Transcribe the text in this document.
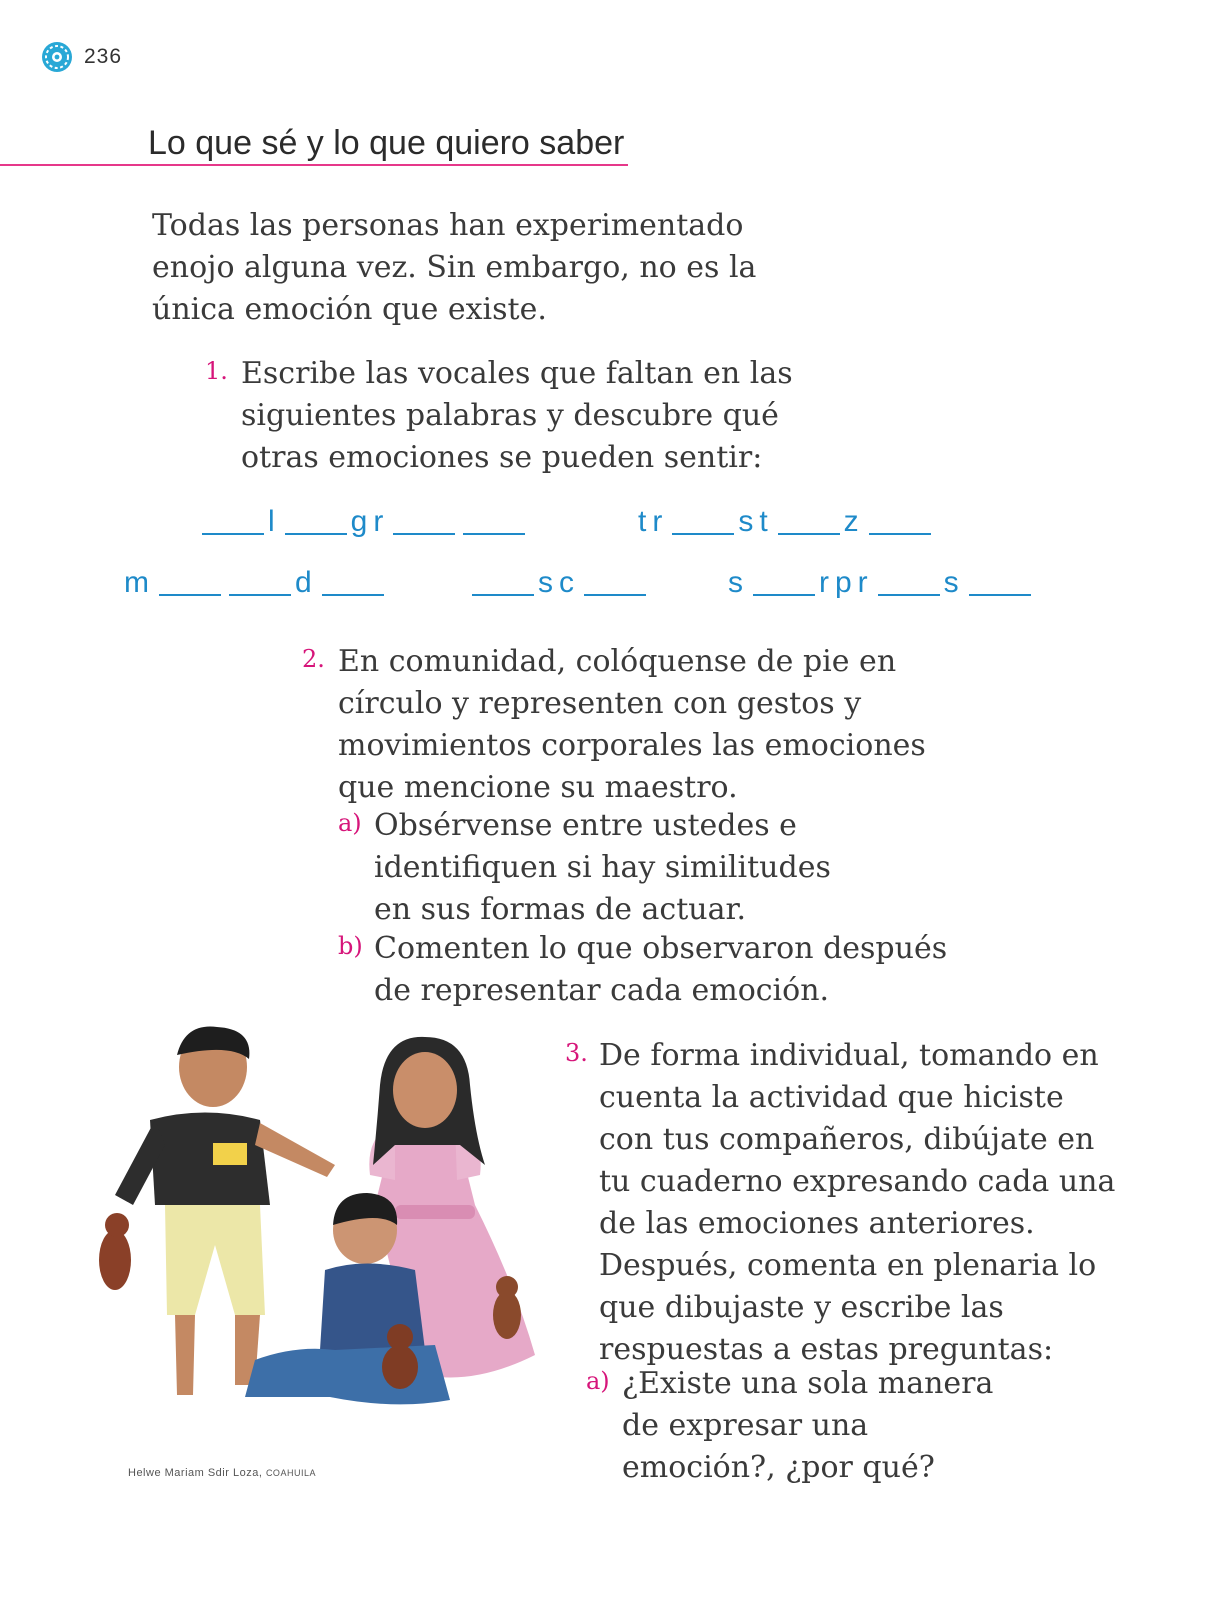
236
Lo que sé y lo que quiero saber

Todas las personas han experimentado enojo alguna vez. Sin embargo, no es la única emoción que existe.

1. Escribe las vocales que faltan en las siguientes palabras y descubre qué otras emociones se pueden sentir:

l gr	tr st z
m	d	sc	s rpr s
2. En comunidad, colóquense de pie en círculo y representen con gestos y movimientos corporales las emociones que mencione su maestro.

a) Obsérvense entre ustedes e identifiquen si hay similitudes en sus formas de actuar.

b) Comenten lo que observaron después de representar cada emoción.

Helwe Mariam Sdir Loza, COAHUILA
3. De forma individual, tomando en cuenta la actividad que hiciste con tus compañeros, dibújate en tu cuaderno expresando cada una de las emociones anteriores. Después, comenta en plenaria lo que dibujaste y escribe las respuestas a estas preguntas:

a) ¿Existe una sola manera de expresar una emoción?, ¿por qué?
